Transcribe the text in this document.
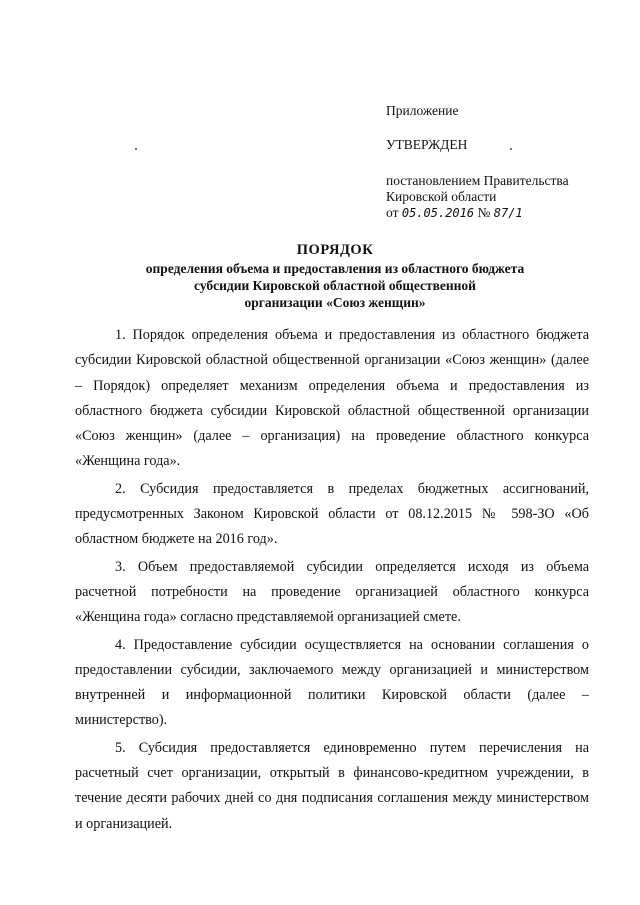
Приложение
УТВЕРЖДЕН
постановлением Правительства
Кировской области
от 05.05.2016 № 87/1
ПОРЯДОК
определения объема и предоставления из областного бюджета
субсидии Кировской областной общественной
организации «Союз женщин»

1. Порядок определения объема и предоставления из областного бюджета субсидии Кировской областной общественной организации «Союз женщин» (далее – Порядок) определяет механизм определения объема и предоставления из областного бюджета субсидии Кировской областной общественной организации «Союз женщин» (далее – организация) на проведение областного конкурса «Женщина года».

2. Субсидия предоставляется в пределах бюджетных ассигнований, предусмотренных Законом Кировской области от 08.12.2015 № 598-ЗО «Об областном бюджете на 2016 год».

3. Объем предоставляемой субсидии определяется исходя из объема расчетной потребности на проведение организацией областного конкурса «Женщина года» согласно представляемой организацией смете.

4. Предоставление субсидии осуществляется на основании соглашения о предоставлении субсидии, заключаемого между организацией и министерством внутренней и информационной политики Кировской области (далее – министерство).

5. Субсидия предоставляется единовременно путем перечисления на расчетный счет организации, открытый в финансово-кредитном учреждении, в течение десяти рабочих дней со дня подписания соглашения между министерством и организацией.
